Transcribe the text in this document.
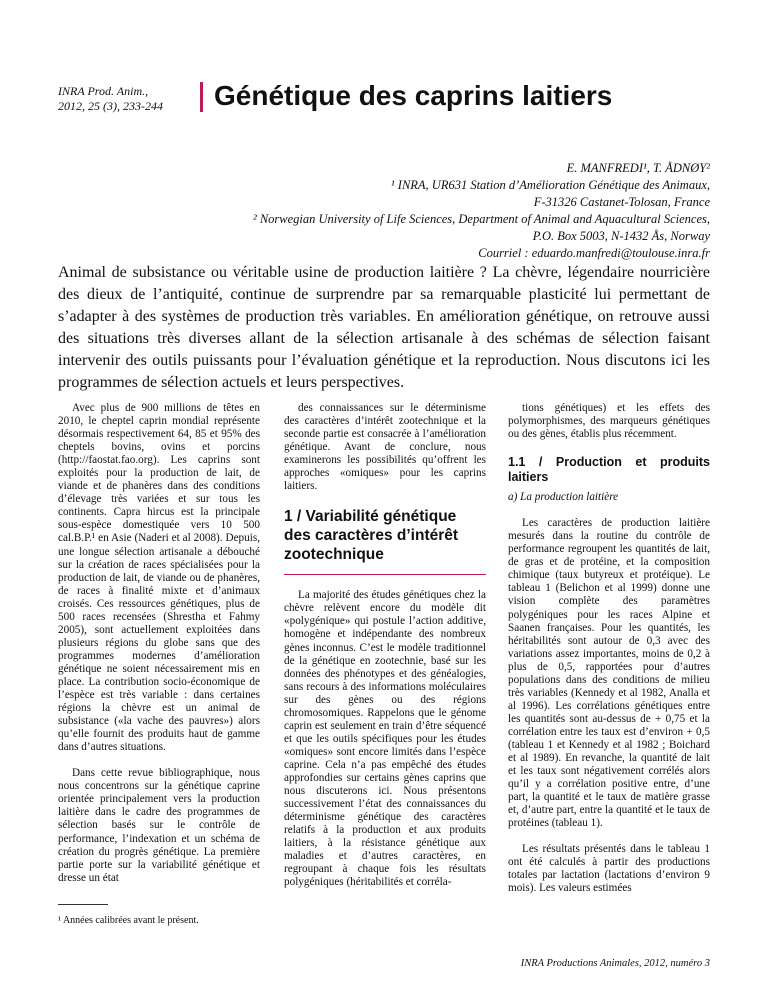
INRA Prod. Anim.,
2012, 25 (3), 233-244	Génétique des caprins laitiers
E. MANFREDI¹, T. ÅDNØY²
¹ INRA, UR631 Station d’Amélioration Génétique des Animaux,
F-31326 Castanet-Tolosan, France
² Norwegian University of Life Sciences, Department of Animal and Aquacultural Sciences,
P.O. Box 5003, N-1432 Ås, Norway
Courriel : eduardo.manfredi@toulouse.inra.fr
Animal de subsistance ou véritable usine de production laitière ? La chèvre, légendaire nourricière des dieux de l’antiquité, continue de surprendre par sa remarquable plasticité lui permettant de s’adapter à des systèmes de production très variables. En amélioration génétique, on retrouve aussi des situations très diverses allant de la sélection artisanale à des schémas de sélection faisant intervenir des outils puissants pour l’évaluation génétique et la reproduction. Nous discutons ici les programmes de sélection actuels et leurs perspectives.

Avec plus de 900 millions de têtes en 2010, le cheptel caprin mondial représente désormais respectivement 64, 85 et 95% des cheptels bovins, ovins et porcins (http://faostat.fao.org). Les caprins sont exploités pour la production de lait, de viande et de phanères dans des conditions d’élevage très variées et sur tous les continents. Capra hircus est la principale sous-espèce domestiquée vers 10 500 cal.B.P.¹ en Asie (Naderi et al 2008). Depuis, une longue sélection artisanale a débouché sur la création de races spécialisées pour la production de lait, de viande ou de phanères, de races à finalité mixte et d’animaux croisés. Ces ressources génétiques, plus de 500 races recensées (Shrestha et Fahmy 2005), sont actuellement exploitées dans plusieurs régions du globe sans que des programmes modernes d’amélioration génétique ne soient nécessairement mis en place. La contribution socio-économique de l’espèce est très variable : dans certaines régions la chèvre est un animal de subsistance («la vache des pauvres») alors qu’elle fournit des produits haut de gamme dans d’autres situations.

Dans cette revue bibliographique, nous nous concentrons sur la génétique caprine orientée principalement vers la production laitière dans le cadre des programmes de sélection basés sur le contrôle de performance, l’indexation et un schéma de création du progrès génétique. La première partie porte sur la variabilité génétique et dresse un état

des connaissances sur le déterminisme des caractères d’intérêt zootechnique et la seconde partie est consacrée à l’amélioration génétique. Avant de conclure, nous examinerons les possibilités qu’offrent les approches «omiques» pour les caprins laitiers.

1 / Variabilité génétique des caractères d’intérêt zootechnique

La majorité des études génétiques chez la chèvre relèvent encore du modèle dit «polygénique» qui postule l’action additive, homogène et indépendante des nombreux gènes inconnus. C’est le modèle traditionnel de la génétique en zootechnie, basé sur les données des phénotypes et des généalogies, sans recours à des informations moléculaires sur des gènes ou des régions chromosomiques. Rappelons que le génome caprin est seulement en train d’être séquencé et que les outils spécifiques pour les études «omiques» sont encore limités dans l’espèce caprine. Cela n’a pas empêché des études approfondies sur certains gènes caprins que nous discuterons ici. Nous présentons successivement l’état des connaissances du déterminisme génétique des caractères relatifs à la production et aux produits laitiers, à la résistance génétique aux maladies et d’autres caractères, en regroupant à chaque fois les résultats polygéniques (héritabilités et corréla-

tions génétiques) et les effets des polymorphismes, des marqueurs génétiques ou des gènes, établis plus récemment.

1.1 / Production et produits laitiers

a) La production laitière

Les caractères de production laitière mesurés dans la routine du contrôle de performance regroupent les quantités de lait, de gras et de protéine, et la composition chimique (taux butyreux et protéique). Le tableau 1 (Belichon et al 1999) donne une vision complète des paramètres polygéniques pour les races Alpine et Saanen françaises. Pour les quantités, les héritabilités sont autour de 0,3 avec des variations assez importantes, moins de 0,2 à plus de 0,5, rapportées pour d’autres populations dans des conditions de milieu très variables (Kennedy et al 1982, Analla et al 1996). Les corrélations génétiques entre les quantités sont au-dessus de + 0,75 et la corrélation entre les taux est d’environ + 0,5 (tableau 1 et Kennedy et al 1982 ; Boichard et al 1989). En revanche, la quantité de lait et les taux sont négativement corrélés alors qu’il y a corrélation positive entre, d’une part, la quantité et le taux de matière grasse et, d’autre part, entre la quantité et le taux de protéines (tableau 1).

Les résultats présentés dans le tableau 1 ont été calculés à partir des productions totales par lactation (lactations d’environ 9 mois). Les valeurs estimées

¹ Années calibrées avant le présent.
INRA Productions Animales, 2012, numéro 3
